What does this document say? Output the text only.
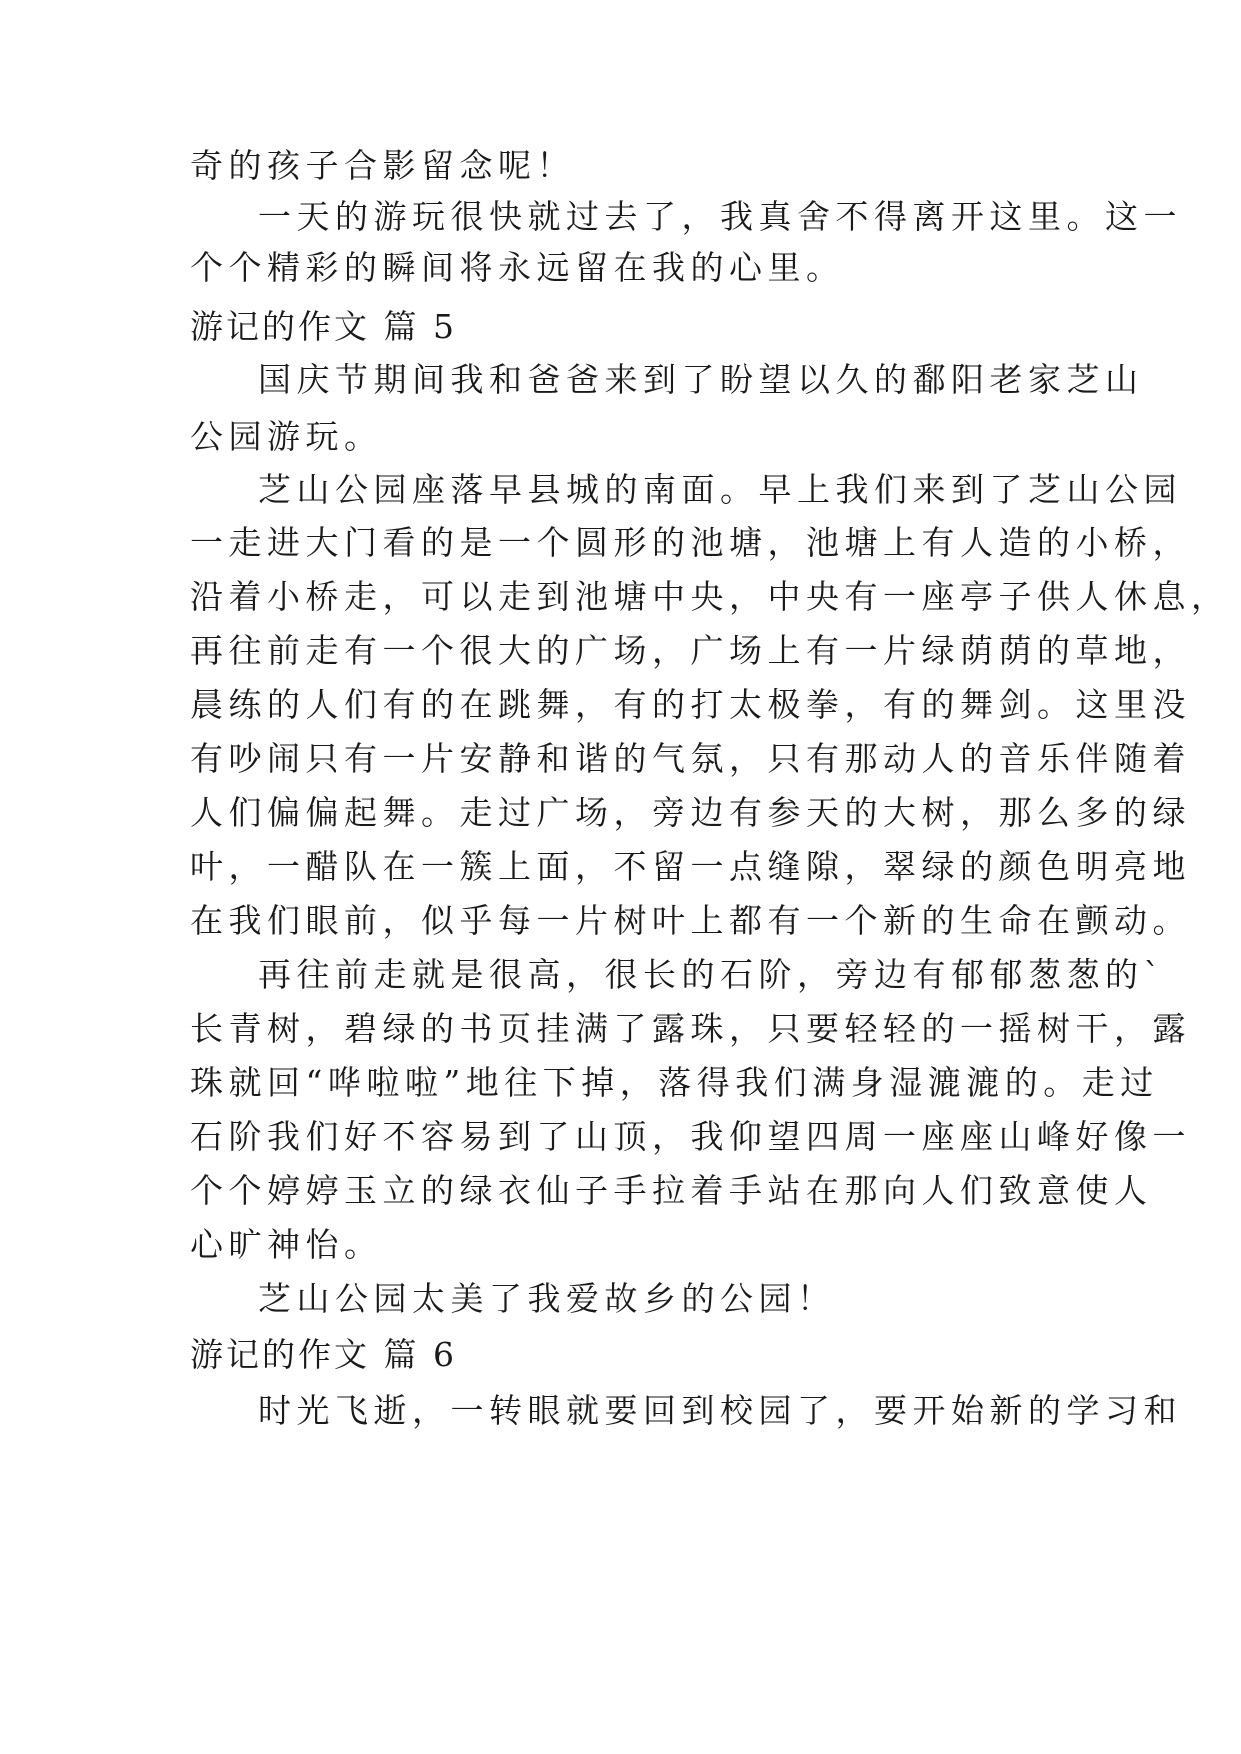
奇的孩子合影留念呢！
一天的游玩很快就过去了，我真舍不得离开这里。这一
个个精彩的瞬间将永远留在我的心里。
游记的作文 篇 5
国庆节期间我和爸爸来到了盼望以久的鄱阳老家芝山
公园游玩。
芝山公园座落早县城的南面。早上我们来到了芝山公园
一走进大门看的是一个圆形的池塘，池塘上有人造的小桥，
沿着小桥走，可以走到池塘中央，中央有一座亭子供人休息，
再往前走有一个很大的广场，广场上有一片绿荫荫的草地，
晨练的人们有的在跳舞，有的打太极拳，有的舞剑。这里没
有吵闹只有一片安静和谐的气氛，只有那动人的音乐伴随着
人们偏偏起舞。走过广场，旁边有参天的大树，那么多的绿
叶，一醋队在一簇上面，不留一点缝隙，翠绿的颜色明亮地
在我们眼前，似乎每一片树叶上都有一个新的生命在颤动。
再往前走就是很高，很长的石阶，旁边有郁郁葱葱的`
长青树，碧绿的书页挂满了露珠，只要轻轻的一摇树干，露
珠就回“哗啦啦”地往下掉，落得我们满身湿漉漉的。走过
石阶我们好不容易到了山顶，我仰望四周一座座山峰好像一
个个婷婷玉立的绿衣仙子手拉着手站在那向人们致意使人
心旷神怡。
芝山公园太美了我爱故乡的公园！
游记的作文 篇 6
时光飞逝，一转眼就要回到校园了，要开始新的学习和
